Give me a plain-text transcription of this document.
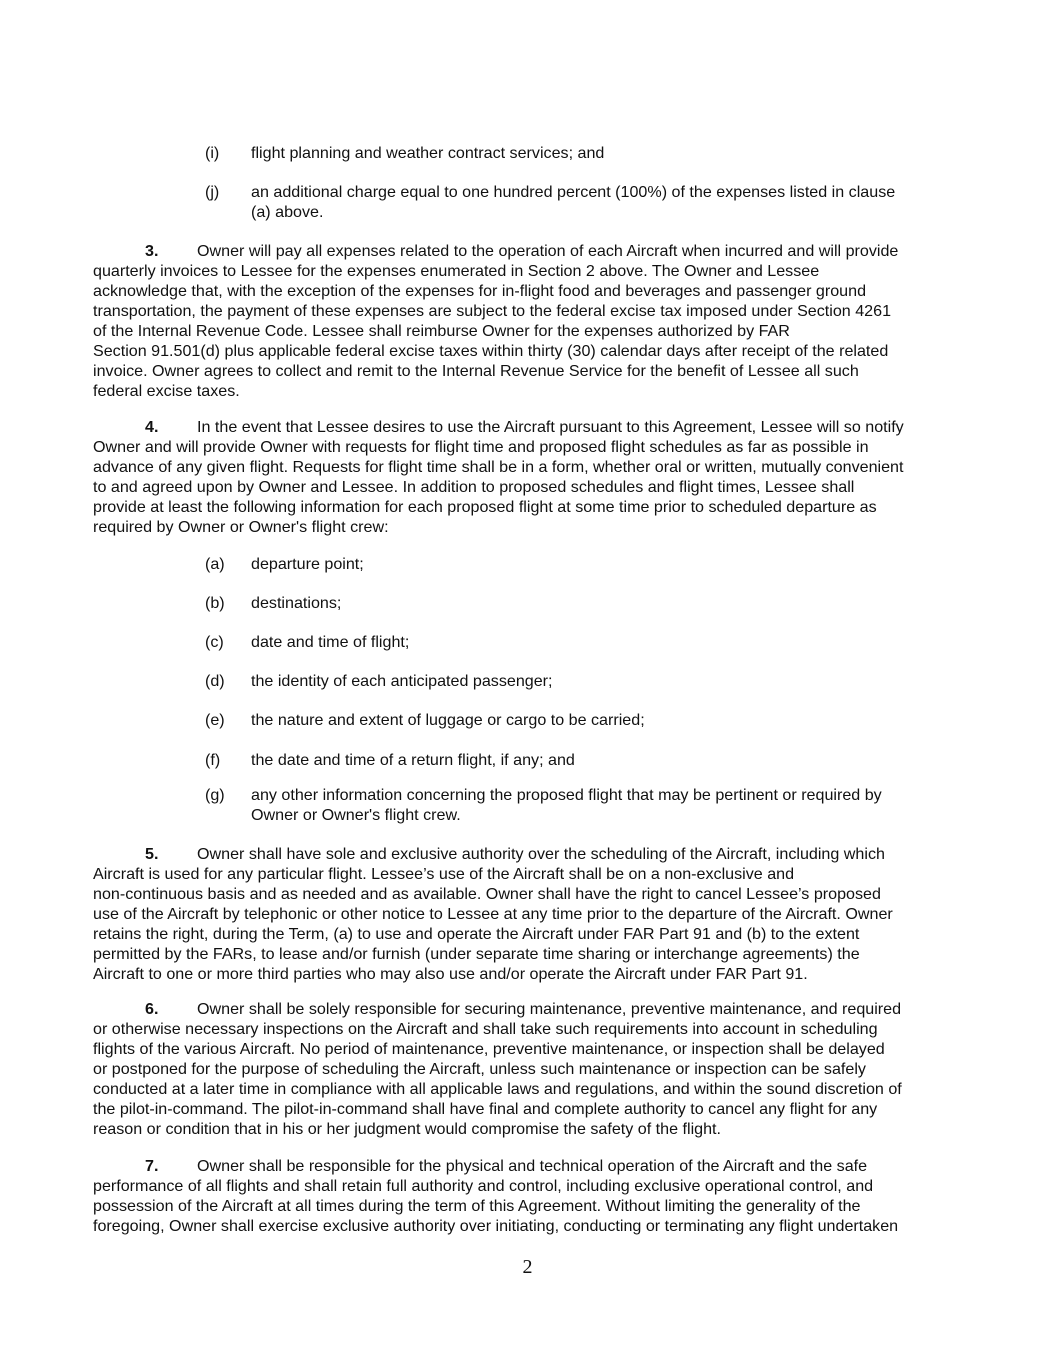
(i) flight planning and weather contract services; and
(j) an additional charge equal to one hundred percent (100%) of the expenses listed in clause
(a) above.
3. Owner will pay all expenses related to the operation of each Aircraft when incurred and will provide
quarterly invoices to Lessee for the expenses enumerated in Section 2 above. The Owner and Lessee
acknowledge that, with the exception of the expenses for in-flight food and beverages and passenger ground
transportation, the payment of these expenses are subject to the federal excise tax imposed under Section 4261
of the Internal Revenue Code. Lessee shall reimburse Owner for the expenses authorized by FAR
Section 91.501(d) plus applicable federal excise taxes within thirty (30) calendar days after receipt of the related
invoice. Owner agrees to collect and remit to the Internal Revenue Service for the benefit of Lessee all such
federal excise taxes.
4. In the event that Lessee desires to use the Aircraft pursuant to this Agreement, Lessee will so notify
Owner and will provide Owner with requests for flight time and proposed flight schedules as far as possible in
advance of any given flight. Requests for flight time shall be in a form, whether oral or written, mutually convenient
to and agreed upon by Owner and Lessee. In addition to proposed schedules and flight times, Lessee shall
provide at least the following information for each proposed flight at some time prior to scheduled departure as
required by Owner or Owner's flight crew:
(a) departure point;
(b) destinations;
(c) date and time of flight;
(d) the identity of each anticipated passenger;
(e) the nature and extent of luggage or cargo to be carried;
(f) the date and time of a return flight, if any; and
(g) any other information concerning the proposed flight that may be pertinent or required by
Owner or Owner's flight crew.
5. Owner shall have sole and exclusive authority over the scheduling of the Aircraft, including which
Aircraft is used for any particular flight. Lessee’s use of the Aircraft shall be on a non-exclusive and
non-continuous basis and as needed and as available. Owner shall have the right to cancel Lessee’s proposed
use of the Aircraft by telephonic or other notice to Lessee at any time prior to the departure of the Aircraft. Owner
retains the right, during the Term, (a) to use and operate the Aircraft under FAR Part 91 and (b) to the extent
permitted by the FARs, to lease and/or furnish (under separate time sharing or interchange agreements) the
Aircraft to one or more third parties who may also use and/or operate the Aircraft under FAR Part 91.
6. Owner shall be solely responsible for securing maintenance, preventive maintenance, and required
or otherwise necessary inspections on the Aircraft and shall take such requirements into account in scheduling
flights of the various Aircraft. No period of maintenance, preventive maintenance, or inspection shall be delayed
or postponed for the purpose of scheduling the Aircraft, unless such maintenance or inspection can be safely
conducted at a later time in compliance with all applicable laws and regulations, and within the sound discretion of
the pilot-in-command. The pilot-in-command shall have final and complete authority to cancel any flight for any
reason or condition that in his or her judgment would compromise the safety of the flight.
7. Owner shall be responsible for the physical and technical operation of the Aircraft and the safe
performance of all flights and shall retain full authority and control, including exclusive operational control, and
possession of the Aircraft at all times during the term of this Agreement. Without limiting the generality of the
foregoing, Owner shall exercise exclusive authority over initiating, conducting or terminating any flight undertaken
2
